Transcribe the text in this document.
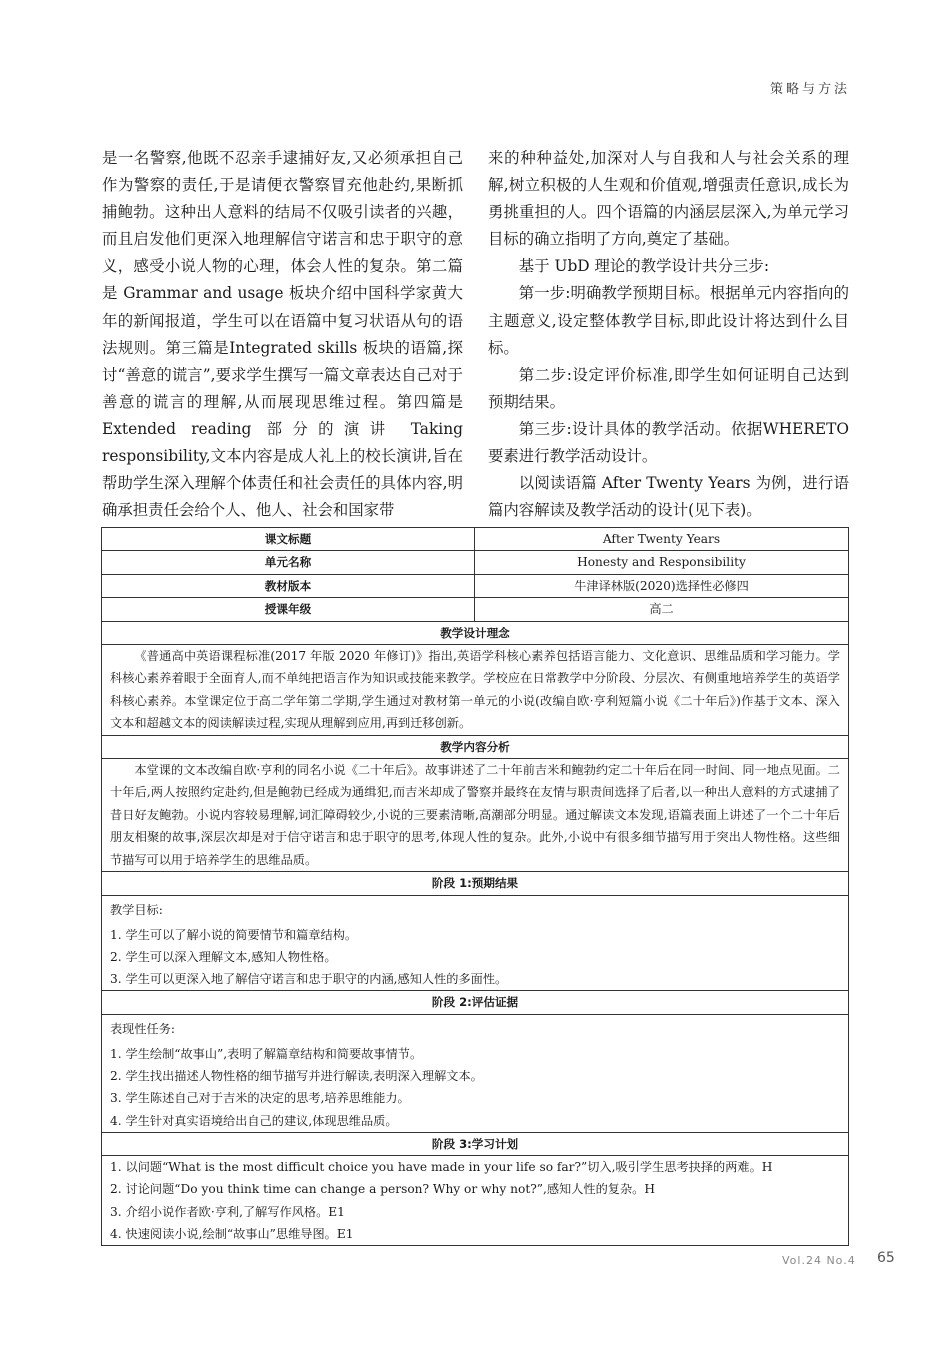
策略与方法

是一名警察,他既不忍亲手逮捕好友,又必须承担自己作为警察的责任,于是请便衣警察冒充他赴约,果断抓捕鲍勃。这种出人意料的结局不仅吸引读者的兴趣，而且启发他们更深入地理解信守诺言和忠于职守的意义，感受小说人物的心理，体会人性的复杂。第二篇是 Grammar and usage 板块介绍中国科学家黄大年的新闻报道，学生可以在语篇中复习状语从句的语法规则。第三篇是Integrated skills 板块的语篇,探讨“善意的谎言”,要求学生撰写一篇文章表达自己对于善意的谎言的理解,从而展现思维过程。第四篇是 Extended reading 部分的演讲 Taking responsibility,文本内容是成人礼上的校长演讲,旨在帮助学生深入理解个体责任和社会责任的具体内容,明确承担责任会给个人、他人、社会和国家带

来的种种益处,加深对人与自我和人与社会关系的理解,树立积极的人生观和价值观,增强责任意识,成长为勇挑重担的人。四个语篇的内涵层层深入,为单元学习目标的确立指明了方向,奠定了基础。

基于 UbD 理论的教学设计共分三步:

第一步:明确教学预期目标。根据单元内容指向的主题意义,设定整体教学目标,即此设计将达到什么目标。

第二步:设定评价标准,即学生如何证明自己达到预期结果。

第三步:设计具体的教学活动。依据WHERETO要素进行教学活动设计。

以阅读语篇 After Twenty Years 为例，进行语篇内容解读及教学活动的设计(见下表)。

课文标题	After Twenty Years
单元名称	Honesty and Responsibility
教材版本	牛津译林版(2020)选择性必修四
授课年级	高二
教学设计理念	
《普通高中英语课程标准(2017 年版 2020 年修订)》指出,英语学科核心素养包括语言能力、文化意识、思维品质和学习能力。学科核心素养着眼于全面育人,而不单纯把语言作为知识或技能来教学。学校应在日常教学中分阶段、分层次、有侧重地培养学生的英语学科核心素养。本堂课定位于高二学年第二学期,学生通过对教材第一单元的小说(改编自欧·亨利短篇小说《二十年后》)作基于文本、深入文本和超越文本的阅读解读过程,实现从理解到应用,再到迁移创新。	
教学内容分析	
本堂课的文本改编自欧·亨利的同名小说《二十年后》。故事讲述了二十年前吉米和鲍勃约定二十年后在同一时间、同一地点见面。二十年后,两人按照约定赴约,但是鲍勃已经成为通缉犯,而吉米却成了警察并最终在友情与职责间选择了后者,以一种出人意料的方式逮捕了昔日好友鲍勃。小说内容较易理解,词汇障碍较少,小说的三要素清晰,高潮部分明显。通过解读文本发现,语篇表面上讲述了一个二十年后朋友相聚的故事,深层次却是对于信守诺言和忠于职守的思考,体现人性的复杂。此外,小说中有很多细节描写用于突出人物性格。这些细节描写可以用于培养学生的思维品质。	
阶段 1:预期结果	

教学目标:
1. 学生可以了解小说的简要情节和篇章结构。
2. 学生可以深入理解文本,感知人物性格。
3. 学生可以更深入地了解信守诺言和忠于职守的内涵,感知人性的多面性。	

阶段 2:评估证据	

表现性任务:
1. 学生绘制“故事山”,表明了解篇章结构和简要故事情节。
2. 学生找出描述人物性格的细节描写并进行解读,表明深入理解文本。
3. 学生陈述自己对于吉米的决定的思考,培养思维能力。
4. 学生针对真实语境给出自己的建议,体现思维品质。	

阶段 3:学习计划	

1. 以问题“What is the most difficult choice you have made in your life so far?”切入,吸引学生思考抉择的两难。H
2. 讨论问题“Do you think time can change a person? Why or why not?”,感知人性的复杂。H
3. 介绍小说作者欧·亨利,了解写作风格。E1
4. 快速阅读小说,绘制“故事山”思维导图。E1	
Vol.24 No.4 65
